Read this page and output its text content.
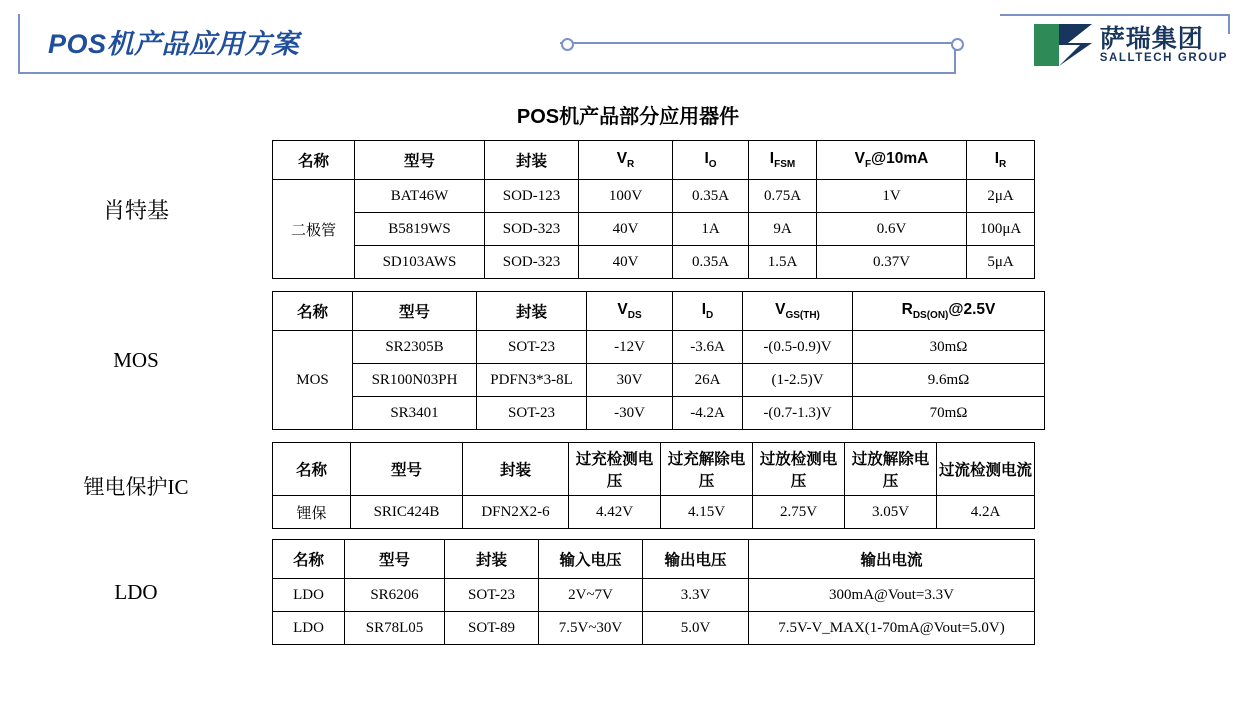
POS机产品应用方案	萨瑞集团
SALLTECH GROUP
POS机产品部分应用器件
肖特基
名称	型号	封装	$V_R$	$I_O$	$I_{FSM}$	$V_F@10mA$	$I_R$
二极管	BAT46W	SOD-123	100V	0.35A	0.75A	1V	2μA
	B5819WS	SOD-323	40V	1A	9A	0.6V	100μA
	SD103AWS	SOD-323	40V	0.35A	1.5A	0.37V	5μA
MOS
名称	型号	封装	$V_{DS}$	$I_D$	$V_{GS(TH)}$	$R_{DS(ON)}@2.5V$
MOS	SR2305B	SOT-23	-12V	-3.6A	-(0.5-0.9)V	30mΩ
	SR100N03PH	PDFN3*3-8L	30V	26A	(1-2.5)V	9.6mΩ
	SR3401	SOT-23	-30V	-4.2A	-(0.7-1.3)V	70mΩ
锂电保护IC
名称	型号	封装	过充检测电压	过充解除电压	过放检测电压	过放解除电压	过流检测电流
锂保	SRIC424B	DFN2X2-6	4.42V	4.15V	2.75V	3.05V	4.2A
LDO
名称	型号	封装	输入电压	输出电压	输出电流
LDO	SR6206	SOT-23	2V~7V	3.3V	300mA@Vout=3.3V
LDO	SR78L05	SOT-89	7.5V~30V	5.0V	7.5V-V_MAX(1-70mA@Vout=5.0V)
